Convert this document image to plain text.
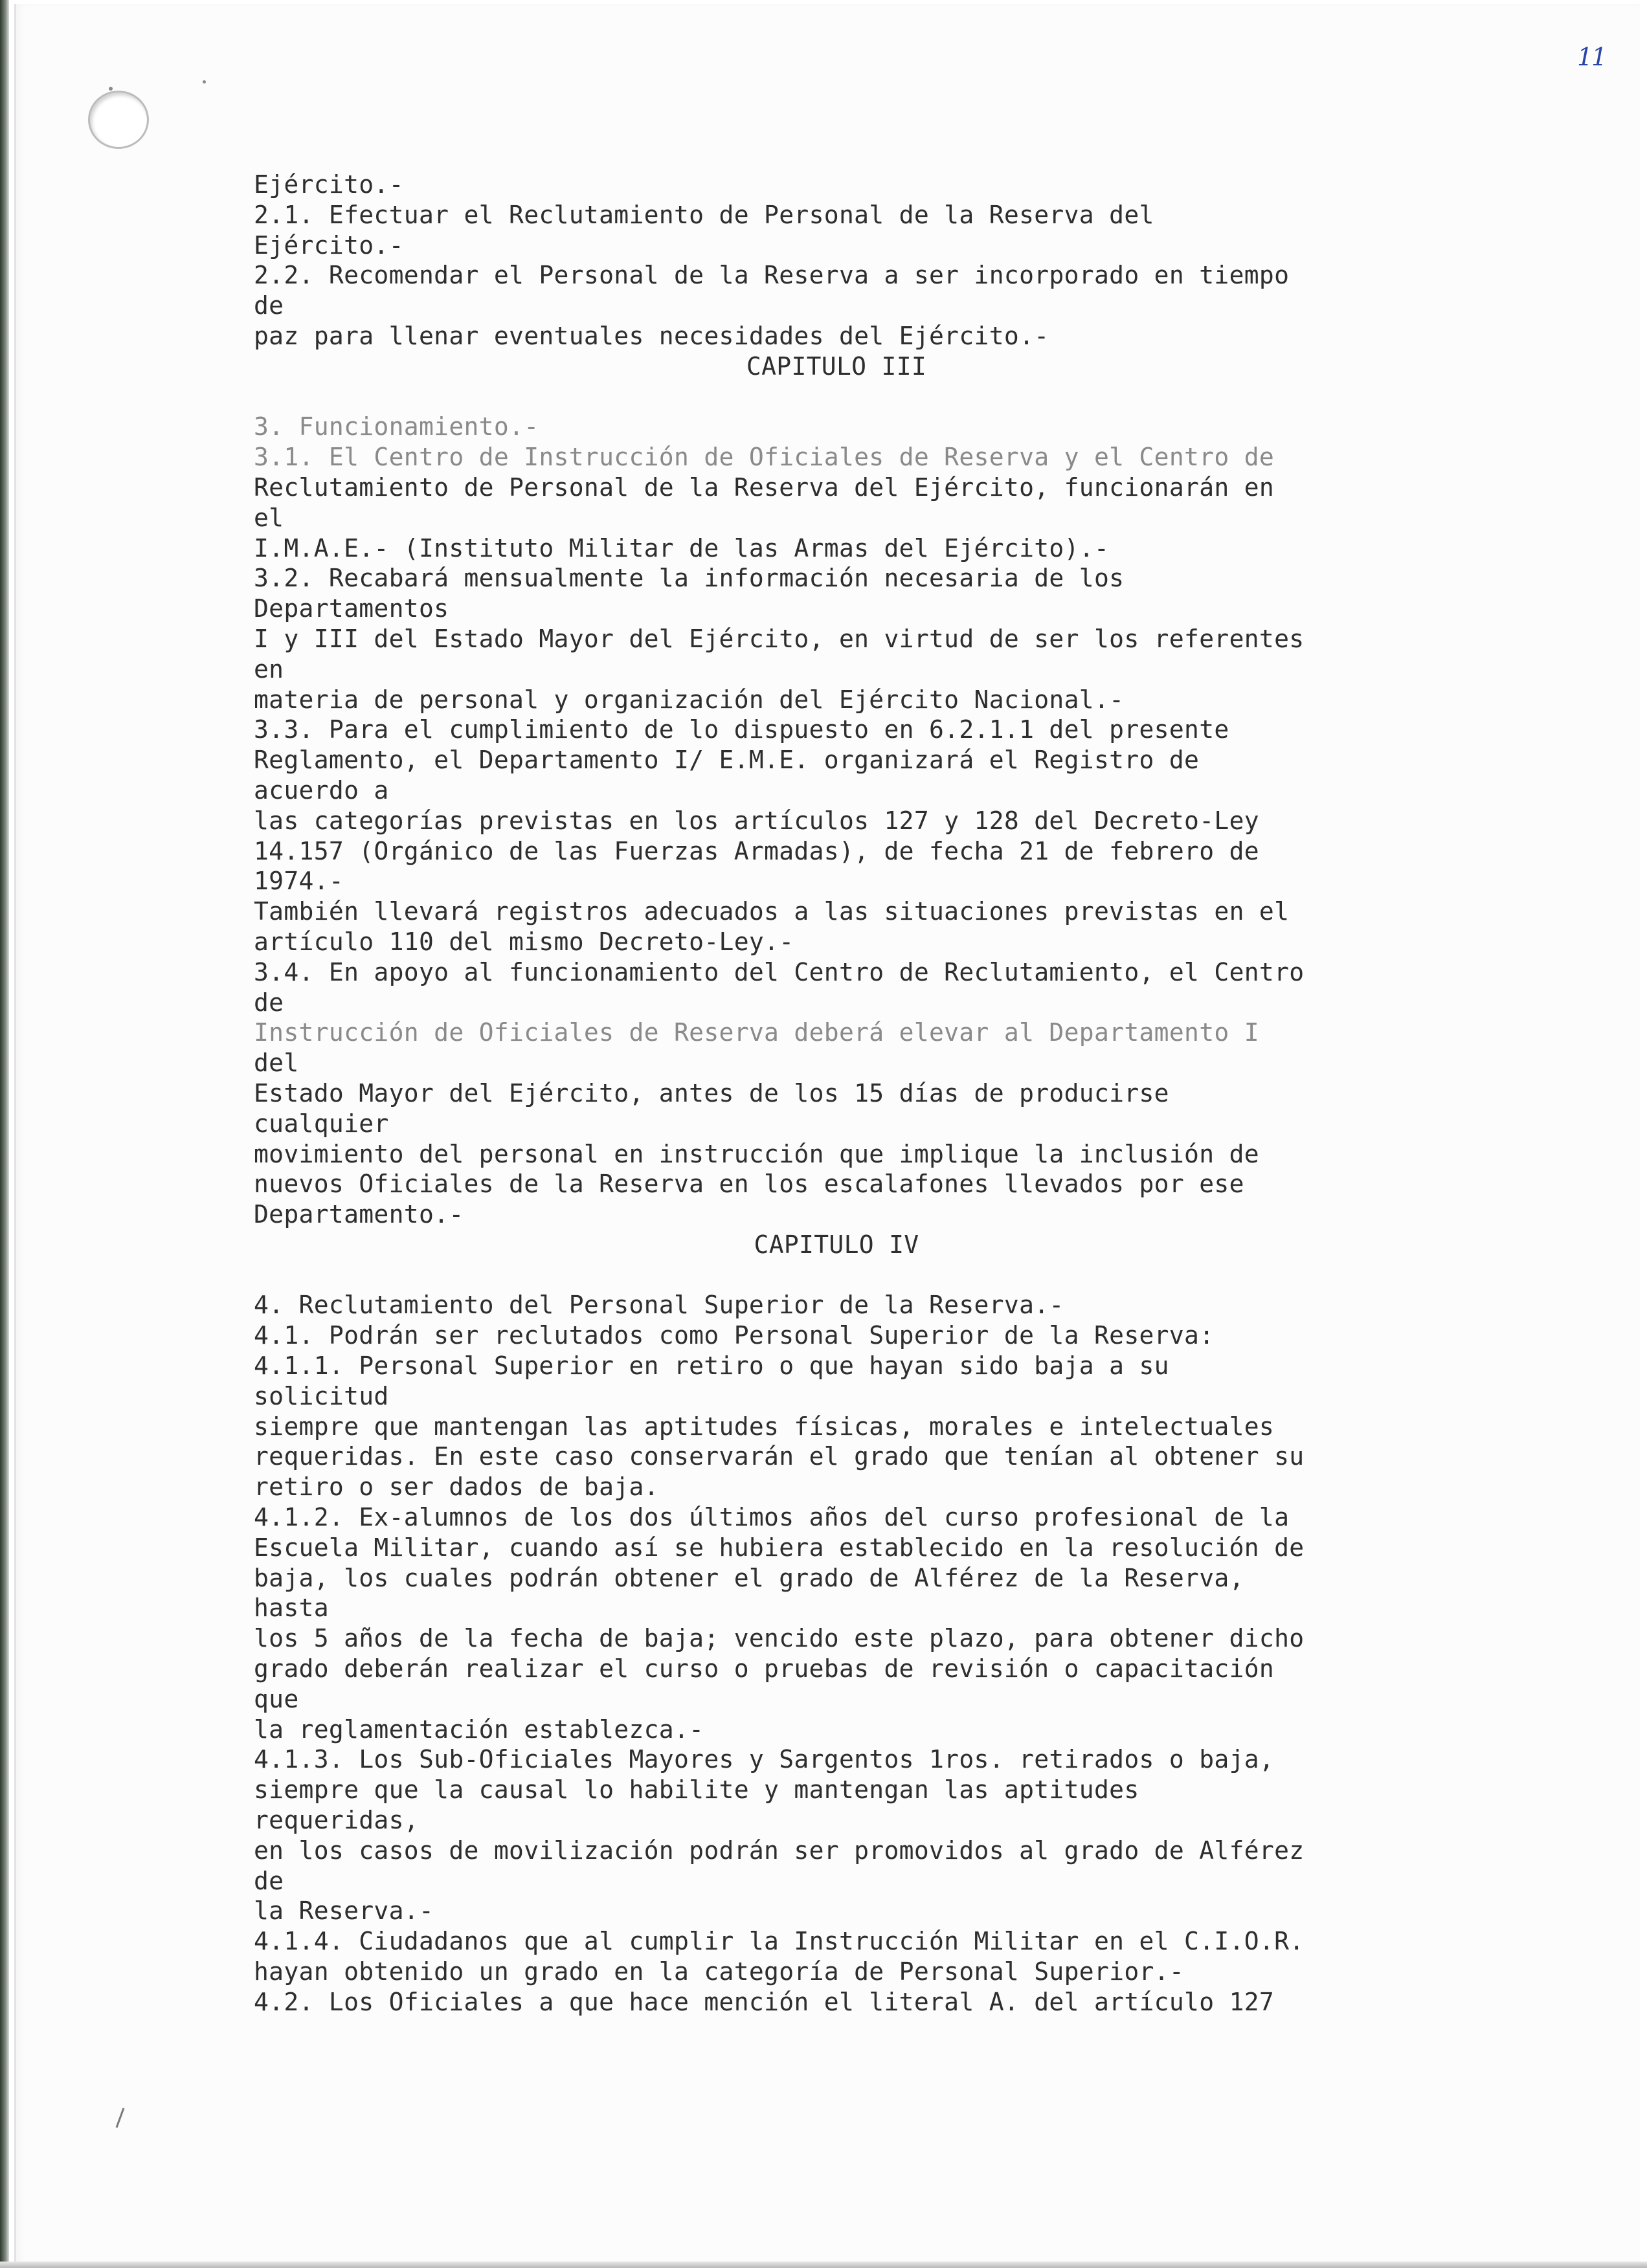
11
Ejército.-
2.1. Efectuar el Reclutamiento de Personal de la Reserva del
Ejército.-
2.2. Recomendar el Personal de la Reserva a ser incorporado en tiempo
de
paz para llenar eventuales necesidades del Ejército.-
CAPITULO III
3. Funcionamiento.-
3.1. El Centro de Instrucción de Oficiales de Reserva y el Centro de
Reclutamiento de Personal de la Reserva del Ejército, funcionarán en
el
I.M.A.E.- (Instituto Militar de las Armas del Ejército).-
3.2. Recabará mensualmente la información necesaria de los
Departamentos
I y III del Estado Mayor del Ejército, en virtud de ser los referentes
en
materia de personal y organización del Ejército Nacional.-
3.3. Para el cumplimiento de lo dispuesto en 6.2.1.1 del presente
Reglamento, el Departamento I/ E.M.E. organizará el Registro de
acuerdo a
las categorías previstas en los artículos 127 y 128 del Decreto-Ley
14.157 (Orgánico de las Fuerzas Armadas), de fecha 21 de febrero de
1974.-
También llevará registros adecuados a las situaciones previstas en el
artículo 110 del mismo Decreto-Ley.-
3.4. En apoyo al funcionamiento del Centro de Reclutamiento, el Centro
de
Instrucción de Oficiales de Reserva deberá elevar al Departamento I
del
Estado Mayor del Ejército, antes de los 15 días de producirse
cualquier
movimiento del personal en instrucción que implique la inclusión de
nuevos Oficiales de la Reserva en los escalafones llevados por ese
Departamento.-
CAPITULO IV
4. Reclutamiento del Personal Superior de la Reserva.-
4.1. Podrán ser reclutados como Personal Superior de la Reserva:
4.1.1. Personal Superior en retiro o que hayan sido baja a su
solicitud
siempre que mantengan las aptitudes físicas, morales e intelectuales
requeridas. En este caso conservarán el grado que tenían al obtener su
retiro o ser dados de baja.
4.1.2. Ex-alumnos de los dos últimos años del curso profesional de la
Escuela Militar, cuando así se hubiera establecido en la resolución de
baja, los cuales podrán obtener el grado de Alférez de la Reserva,
hasta
los 5 años de la fecha de baja; vencido este plazo, para obtener dicho
grado deberán realizar el curso o pruebas de revisión o capacitación
que
la reglamentación establezca.-
4.1.3. Los Sub-Oficiales Mayores y Sargentos 1ros. retirados o baja,
siempre que la causal lo habilite y mantengan las aptitudes
requeridas,
en los casos de movilización podrán ser promovidos al grado de Alférez
de
la Reserva.-
4.1.4. Ciudadanos que al cumplir la Instrucción Militar en el C.I.O.R.
hayan obtenido un grado en la categoría de Personal Superior.-
4.2. Los Oficiales a que hace mención el literal A. del artículo 127
